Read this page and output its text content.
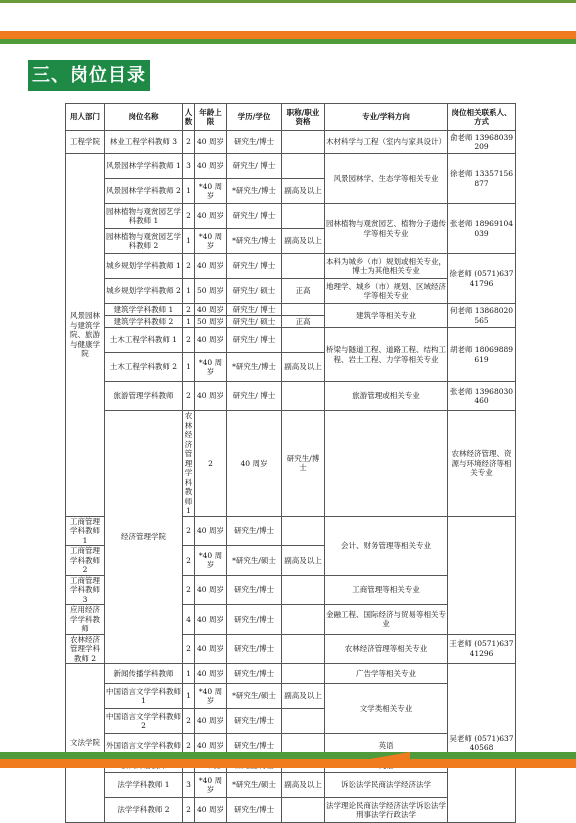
三、岗位目录
用人部门	岗位名称	人数	年龄上限	学历/学位	职称/职业资格	专业/学科方向	岗位相关联系人、方式	
工程学院	林业工程学科教师 3	2	40 周岁	研究生/博士		木材科学与工程（室内与家具设计）	俞老师 13968039209	
风景园林与建筑学院、旅游与健康学院	风景园林学学科教师 1	3	40 周岁	研究生/ 博士		风景园林学、生态学等相关专业	徐老师 13357156877	
	风景园林学学科教师 2	1	*40 周岁	*研究生/博士	副高及以上			
	园林植物与观赏园艺学科教师 1	2	40 周岁	研究生/ 博士		园林植物与观赏园艺、植物分子遗传学等相关专业	张老师 18969104039	
	园林植物与观赏园艺学科教师 2	1	*40 周岁	*研究生/博士	副高及以上			
	城乡规划学学科教师 1	2	40 周岁	研究生/ 博士		本科为城乡（市）规划或相关专业，博士为其他相关专业	徐老师 (0571)63741796	
	城乡规划学学科教师 2	1	50 周岁	研究生/ 硕士	正高	地理学、城乡（市）规划、区域经济学等相关专业		
	建筑学学科教师 1	2	40 周岁	研究生/ 博士		建筑学等相关专业	何老师 13868020565	
	建筑学学科教师 2	1	50 周岁	研究生/ 硕士	正高			
	土木工程学科教师 1	2	40 周岁	研究生/ 博士		桥梁与隧道工程、道路工程、结构工程、岩土工程、力学等相关专业	胡老师 18069889619	
	土木工程学科教师 2	1	*40 周岁	*研究生/博士	副高及以上			
	旅游管理学科教师	2	40 周岁	研究生/ 博士		旅游管理或相关专业	张老师 13968030460	
	经济管理学院	农林经济管理学科教师 1	2	40 周岁	研究生/博士		农林经济管理、资源与环境经济等相关专业	
工商管理学科教师 1		2	40 周岁	研究生/博士		会计、财务管理等相关专业		
工商管理学科教师 2		2	*40 周岁	*研究生/硕士	副高及以上			
工商管理学科教师 3		2	40 周岁	研究生/博士		工商管理等相关专业		
应用经济学学科教师		4	40 周岁	研究生/博士		金融工程、国际经济与贸易等相关专业		
农林经济管理学科教师 2		2	40 周岁	研究生/博士		农林经济管理等相关专业	王老师 (0571)63741296	
文法学院	新闻传播学科教师	1	40 周岁	研究生/博士		广告学等相关专业	吴老师 (0571)63740568	
	中国语言文学学科教师 1	1	*40 周岁	*研究生/硕士	副高及以上	文学类相关专业		
	中国语言文学学科教师 2	2	40 周岁	研究生/博士				
	外国语言文学学科教师	2	40 周岁	研究生/博士		英语		

	法学学科教师 1	3	*40 周岁	*研究生/硕士	副高及以上	诉讼法学民商法学经济法学		
	法学学科教师 2	2	40 周岁	研究生/博士		法学理论民商法学经济法学诉讼法学刑事法学行政法学		
